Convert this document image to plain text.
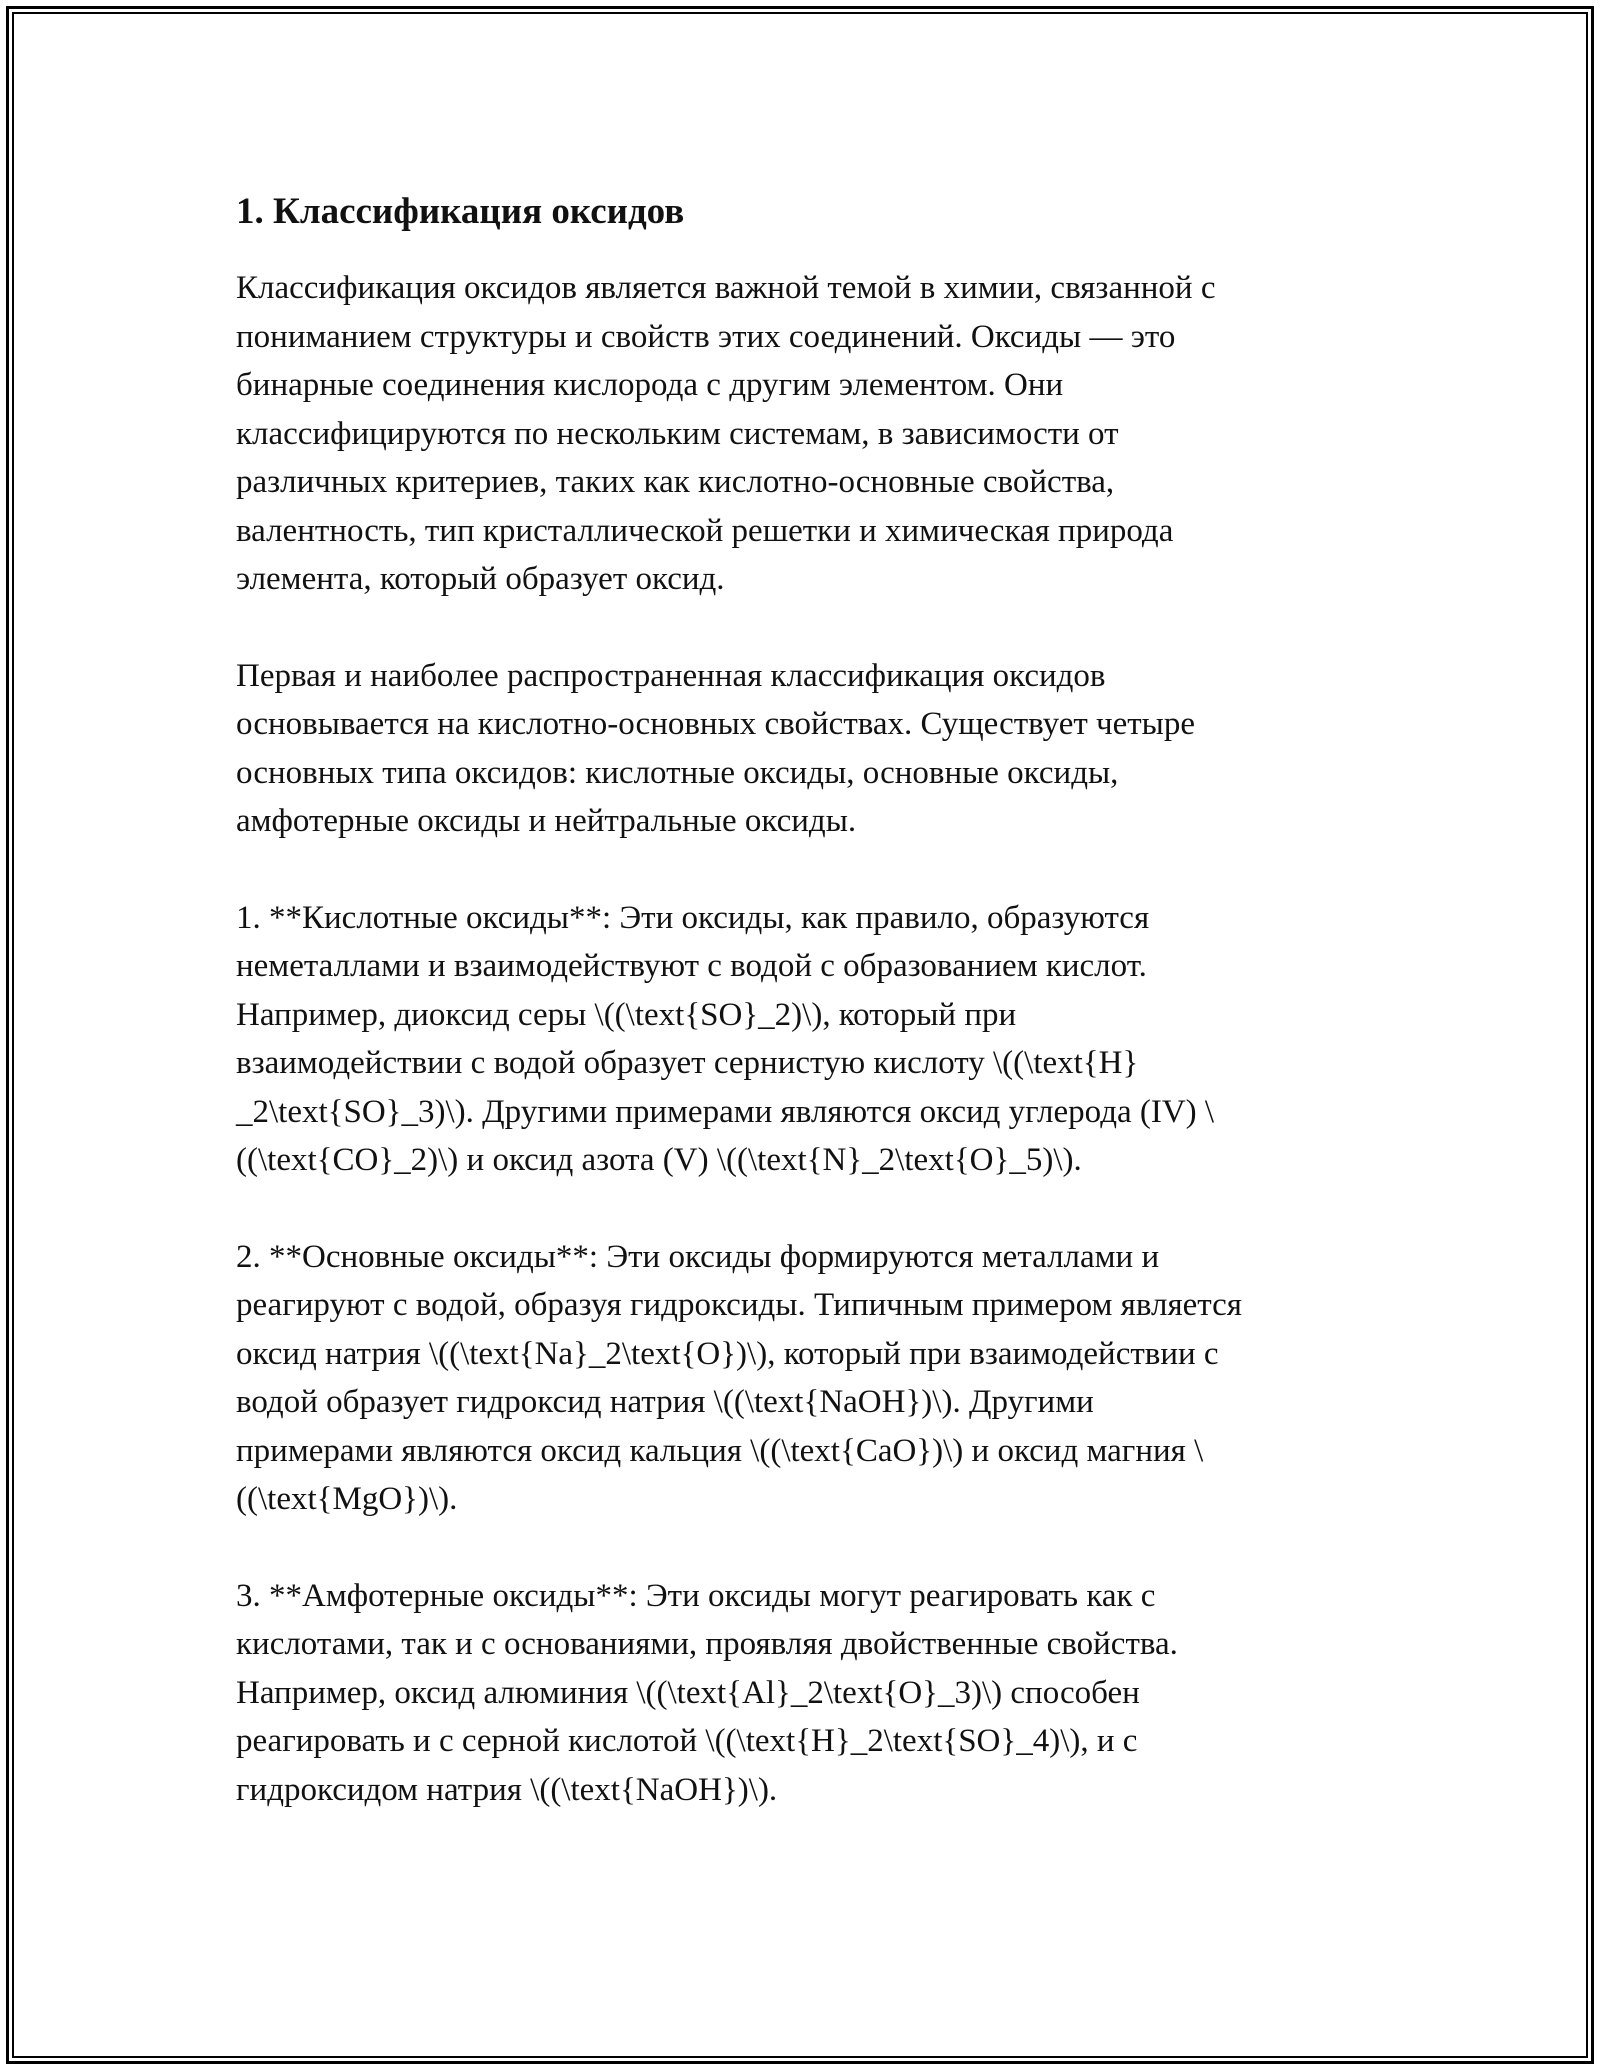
1. Классификация оксидов
Классификация оксидов является важной темой в химии, связанной с
пониманием структуры и свойств этих соединений. Оксиды — это
бинарные соединения кислорода с другим элементом. Они
классифицируются по нескольким системам, в зависимости от
различных критериев, таких как кислотно-основные свойства,
валентность, тип кристаллической решетки и химическая природа
элемента, который образует оксид.
Первая и наиболее распространенная классификация оксидов
основывается на кислотно-основных свойствах. Существует четыре
основных типа оксидов: кислотные оксиды, основные оксиды,
амфотерные оксиды и нейтральные оксиды.
1. **Кислотные оксиды**: Эти оксиды, как правило, образуются
неметаллами и взаимодействуют с водой с образованием кислот.
Например, диоксид серы \((\text{SO}_2)\), который при
взаимодействии с водой образует сернистую кислоту \((\text{H}
_2\text{SO}_3)\). Другими примерами являются оксид углерода (IV) \
((\text{CO}_2)\) и оксид азота (V) \((\text{N}_2\text{O}_5)\).
2. **Основные оксиды**: Эти оксиды формируются металлами и
реагируют с водой, образуя гидроксиды. Типичным примером является
оксид натрия \((\text{Na}_2\text{O})\), который при взаимодействии с
водой образует гидроксид натрия \((\text{NaOH})\). Другими
примерами являются оксид кальция \((\text{CaO})\) и оксид магния \
((\text{MgO})\).
3. **Амфотерные оксиды**: Эти оксиды могут реагировать как с
кислотами, так и с основаниями, проявляя двойственные свойства.
Например, оксид алюминия \((\text{Al}_2\text{O}_3)\) способен
реагировать и с серной кислотой \((\text{H}_2\text{SO}_4)\), и с
гидроксидом натрия \((\text{NaOH})\).
